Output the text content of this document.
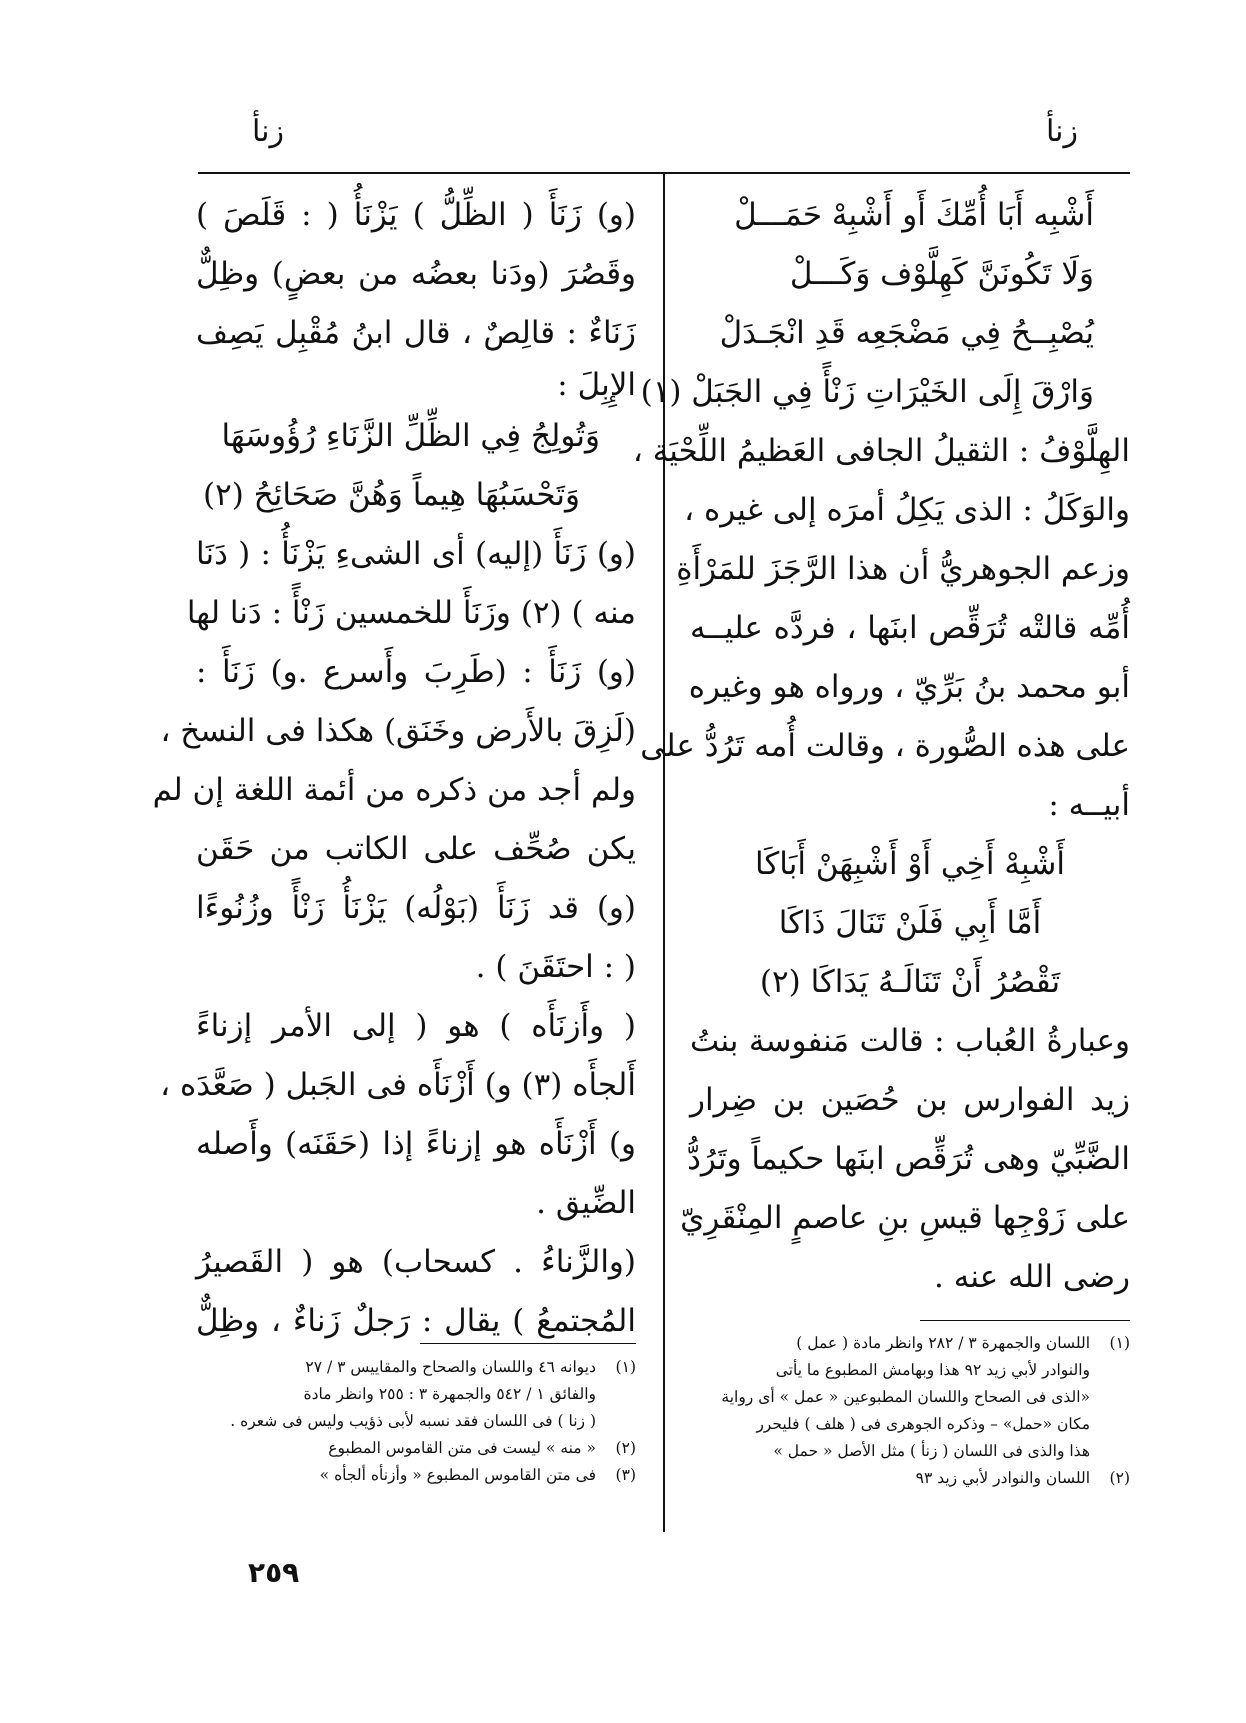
زنأ
زنأ
أَشْبِه أَبَا أُمِّكَ أَو أَشْبِهْ حَمَـــلْ
وَلَا تَكُونَنَّ كَهِلَّوْف وَكَـــلْ
يُصْبِــحُ فِي مَضْجَعِه قَدِ انْجَـدَلْ
وَارْقَ إِلَى الخَيْرَاتِ زَنْأً فِي الجَبَلْ (١)
الهِلَّوْفُ : الثقيلُ الجافى العَظيمُ اللِّحْيَة ،
والوَكَلُ : الذى يَكِلُ أمرَه إلى غيره ،
وزعم الجوهريُّ أن هذا الرَّجَزَ للمَرْأَةِ
أُمِّه قالتْه تُرَقِّص ابنَها ، فردَّه عليــه
أبو محمد بنُ بَرِّيّ ، ورواه هو وغيره
على هذه الصُّورة ، وقالت أُمه تَرُدُّ على
أبيــه :
أَشْبِهْ أَخِي أَوْ أَشْبِهَنْ أَبَاكَا
أَمَّا أَبِي فَلَنْ تَنَالَ ذَاكَا
تَقْصُرُ أَنْ تَنَالَـهُ يَدَاكَا (٢)
وعبارةُ العُباب : قالت مَنفوسة بنتُ
زيد الفوارس بن حُصَين بن ضِرار
الضَّبِّيّ وهى تُرَقِّص ابنَها حكيماً وتَرُدُّ
على زَوْجِها قيسِ بنِ عاصمٍ المِنْقَرِيّ
رضى الله عنه .
(و) زَنَأَ ( الظِّلُّ ) يَزْنَأُ ( : قَلَصَ )
وقَصُرَ (ودَنا بعضُه من بعضٍ) وظِلٌّ
زَنَاءٌ : قالِصٌ ، قال ابنُ مُقْبِل يَصِف
الإِبِلَ :
وَتُولِجُ فِي الظِّلِّ الزَّنَاءِ رُؤُوسَهَا
وَتَحْسَبُهَا هِيماً وَهُنَّ صَحَائِحُ (٢)
(و) زَنَأَ (إليه) أى الشىءِ يَزْنَأُ : ( دَنَا
منه ) (٢) وزَنَأَ للخمسين زَنْأً : دَنا لها
(و) زَنَأَ : (طَرِبَ وأَسرع .و) زَنَأَ :
(لَزِقَ بالأَرض وخَنَق) هكذا فى النسخ ،
ولم أجد من ذكره من أئمة اللغة إن لم
يكن صُحِّف على الكاتب من حَقَن
(و) قد زَنَأَ (بَوْلُه) يَزْنَأُ زَنْأً وزُنُوءًا
( : احتَقَنَ ) .
( وأَزنَأَه ) هو ( إلى الأمر إزناءً
أَلجأَه (٣) و) أَزْنَأَه فى الجَبل ( صَعَّدَه ،
و) أَزْنَأَه هو إزناءً إذا (حَقَنَه) وأَصله
الضِّيق .
(والزَّناءُ . كسحاب) هو ( القَصيرُ
المُجتمعُ ) يقال : رَجلٌ زَناءٌ ، وظِلٌّ
(١)اللسان والجمهرة ٣ / ٢٨٢ وانظر مادة ( عمل )
والنوادر لأبي زيد ٩٢ هذا وبهامش المطبوع ما يأتى
«الذى فى الصحاح واللسان المطبوعين « عمل » أى رواية
مكان «حمل» – وذكره الجوهرى فى ( هلف ) فليحرر
هذا والذى فى اللسان ( زنأ ) مثل الأصل « حمل »
(٢)اللسان والنوادر لأبي زيد ٩٣
(١)ديوانه ٤٦ واللسان والصحاح والمقاييس ٣ / ٢٧
والفائق ١ / ٥٤٢ والجمهرة ٣ : ٢٥٥ وانظر مادة
( زنا ) فى اللسان فقد نسبه لأبى ذؤيب وليس فى شعره .
(٢)« منه » ليست فى متن القاموس المطبوع
(٣)فى متن القاموس المطبوع « وأزنأه ألجأه »
٢٥٩
